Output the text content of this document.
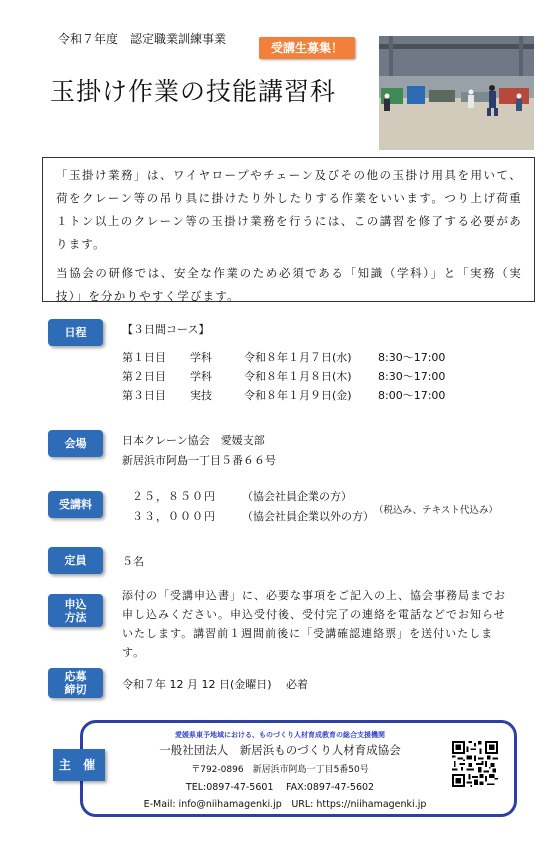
令和７年度　認定職業訓練事業
受講生募集！
玉掛け作業の技能講習科

「玉掛け業務」は、ワイヤロープやチェーン及びその他の玉掛け用具を用いて、荷をクレーン等の吊り具に掛けたり外したりする作業をいいます。つり上げ荷重１トン以上のクレーン等の玉掛け業務を行うには、この講習を修了する必要があります。

当協会の研修では、安全な作業のため必須である「知識（学科）」と「実務（実技）」を分かりやすく学びます。

日程	【３日間コース】
第１日目	学科	令和８年１月７日(水)	8:30～17:00
第２日目	学科	令和８年１月８日(木)	8:30～17:00
第３日目	実技	令和８年１月９日(金)	8:00～17:00
会場	日本クレーン協会　愛媛支部
新居浜市阿島一丁目５番６６号
受講料
２５，８５０円	（協会社員企業の方）
３３，０００円	（協会社員企業以外の方） （税込み、テキスト代込み）
定員	５名
申込
方法
添付の「受講申込書」に、必要な事項をご記入の上、協会事務局までお申し込みください。申込受付後、受付完了の連絡を電話などでお知らせいたします。講習前１週間前後に「受講確認連絡票」を送付いたします。
応募
締切	令和７年 12 月 12 日(金曜日)　 必着
主 催
愛媛県東予地域における、ものづくり人材育成教育の総合支援機関
一般社団法人　新居浜ものづくり人材育成協会
〒792-0896　新居浜市阿島一丁目5番50号
TEL:0897-47-5601　 FAX:0897-47-5602
E-Mail: info@niihamagenki.jp　URL: https://niihamagenki.jp
